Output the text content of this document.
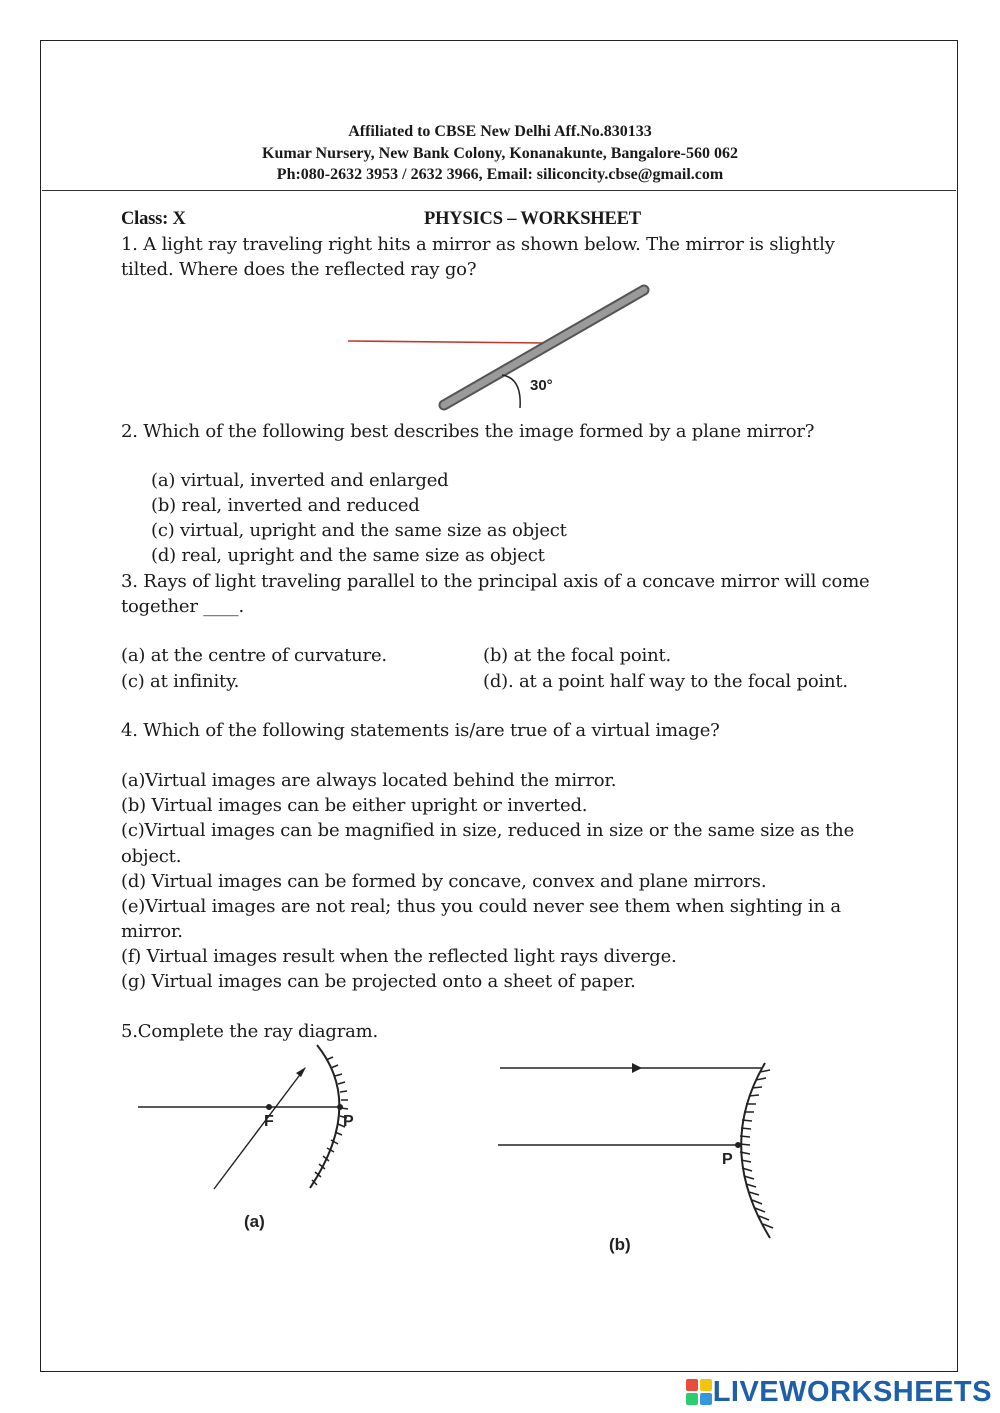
Affiliated to CBSE New Delhi Aff.No.830133
Kumar Nursery, New Bank Colony, Konanakunte, Bangalore-560 062
Ph:080-2632 3953 / 2632 3966, Email: siliconcity.cbse@gmail.com
Class: X	PHYSICS – WORKSHEET
1. A light ray traveling right hits a mirror as shown below. The mirror is slightly
tilted. Where does the reflected ray go?
30°
2. Which of the following best describes the image formed by a plane mirror?
(a) virtual, inverted and enlarged
(b) real, inverted and reduced
(c) virtual, upright and the same size as object
(d) real, upright and the same size as object
3. Rays of light traveling parallel to the principal axis of a concave mirror will come
together ____.
(a) at the centre of curvature.	(b) at the focal point.
(c) at infinity.	(d). at a point half way to the focal point.
4. Which of the following statements is/are true of a virtual image?
(a)Virtual images are always located behind the mirror.
(b) Virtual images can be either upright or inverted.
(c)Virtual images can be magnified in size, reduced in size or the same size as the
object.
(d) Virtual images can be formed by concave, convex and plane mirrors.
(e)Virtual images are not real; thus you could never see them when sighting in a
mirror.
(f) Virtual images result when the reflected light rays diverge.
(g) Virtual images can be projected onto a sheet of paper.
5.Complete the ray diagram.
F	P
(a)
P
(b)
LIVEWORKSHEETS
